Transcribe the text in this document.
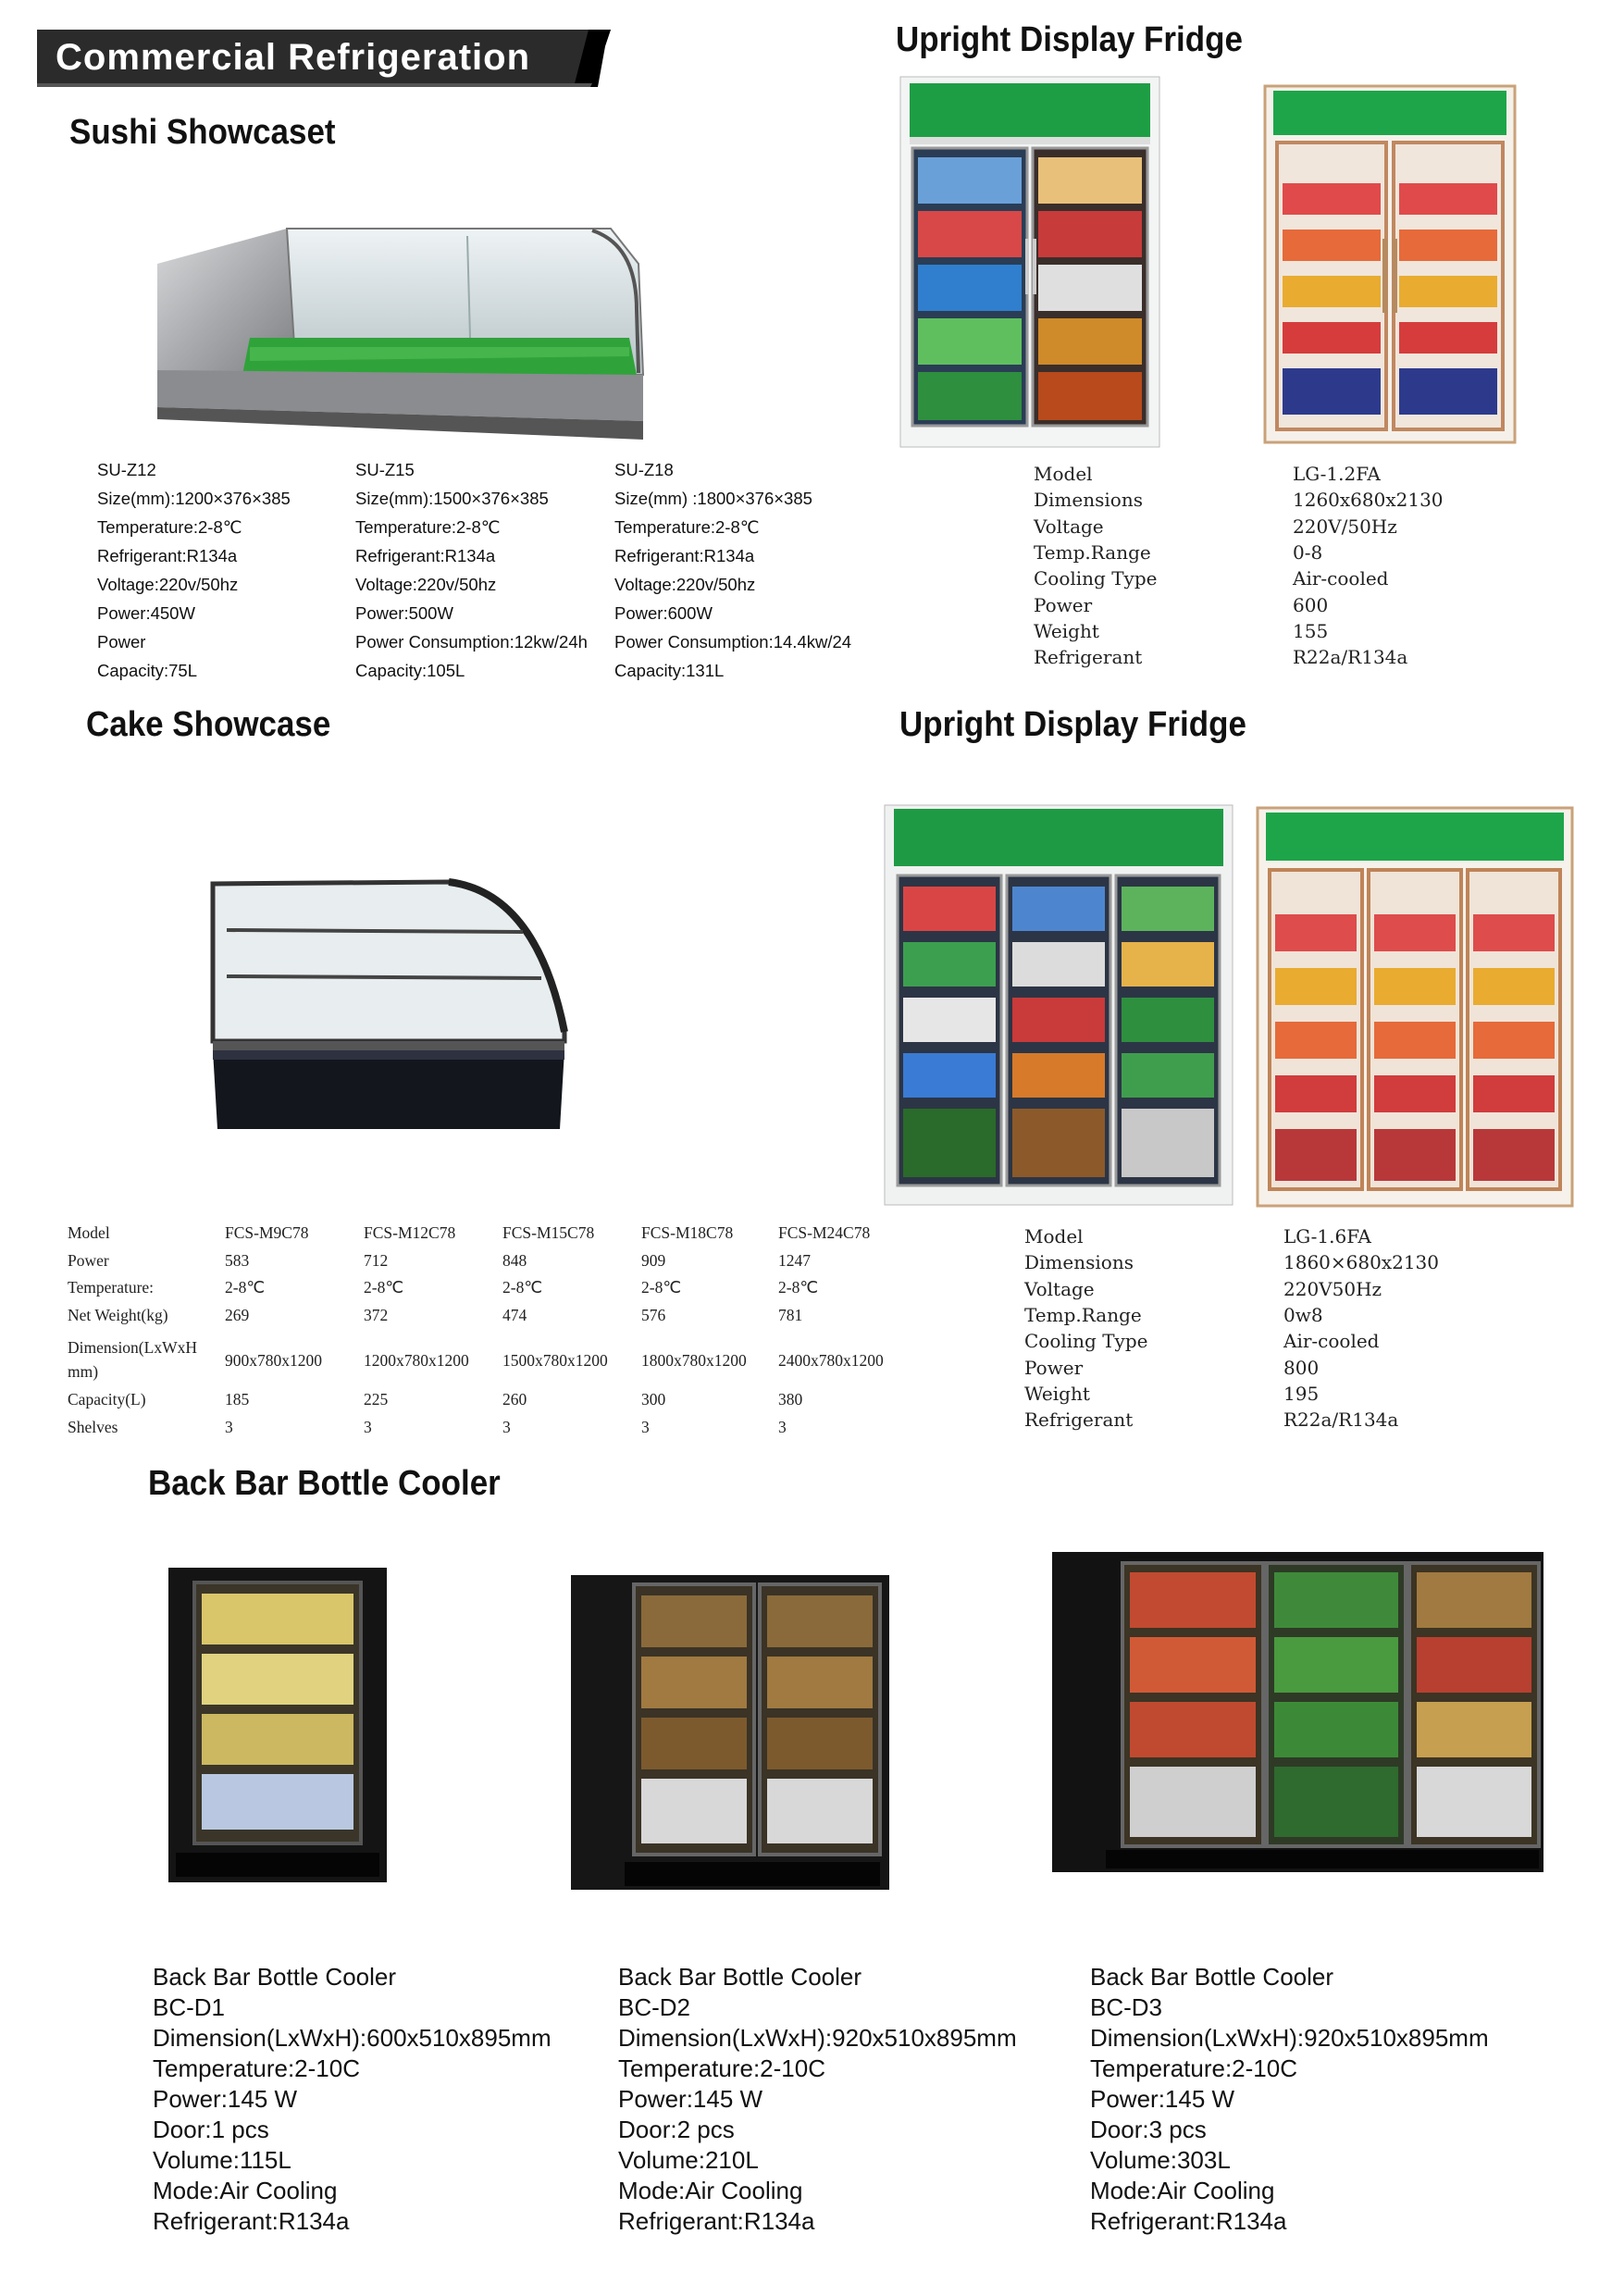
Commercial Refrigeration
Sushi Showcaset
SU-Z12
Size(mm):1200×376×385
Temperature:2-8℃
Refrigerant:R134a
Voltage:220v/50hz
Power:450W
Power
Capacity:75L
SU-Z15
Size(mm):1500×376×385
Temperature:2-8℃
Refrigerant:R134a
Voltage:220v/50hz
Power:500W
Power Consumption:12kw/24h
Capacity:105L
SU-Z18
Size(mm) :1800×376×385
Temperature:2-8℃
Refrigerant:R134a
Voltage:220v/50hz
Power:600W
Power Consumption:14.4kw/24
Capacity:131L
Upright Display Fridge
Model	LG-1.2FA
Dimensions	1260x680x2130
Voltage	220V/50Hz
Temp.Range	0-8
Cooling Type	Air-cooled
Power	600
Weight	155
Refrigerant	R22a/R134a
Cake Showcase
Model	FCS-M9C78	FCS-M12C78	FCS-M15C78	FCS-M18C78	FCS-M24C78
Power	583	712	848	909	1247
Temperature:	2-8℃	2-8℃	2-8℃	2-8℃	2-8℃
Net Weight(kg)	269	372	474	576	781
Dimension(LxWxH
mm)
900x780x1200	1200x780x1200 1500x780x1200 1800x780x1200 2400x780x1200
Capacity(L)	185	225	260	300	380
Shelves	3	3	3	3	3
Upright Display Fridge
Model	LG-1.6FA
Dimensions	1860×680x2130
Voltage	220V50Hz
Temp.Range	0w8
Cooling Type	Air-cooled
Power	800
Weight	195
Refrigerant	R22a/R134a
Back Bar Bottle Cooler
Back Bar Bottle Cooler
BC-D1
Dimension(LxWxH):600x510x895mm
Temperature:2-10C
Power:145 W
Door:1 pcs
Volume:115L
Mode:Air Cooling
Refrigerant:R134a
Back Bar Bottle Cooler
BC-D2
Dimension(LxWxH):920x510x895mm
Temperature:2-10C
Power:145 W
Door:2 pcs
Volume:210L
Mode:Air Cooling
Refrigerant:R134a
Back Bar Bottle Cooler
BC-D3
Dimension(LxWxH):920x510x895mm
Temperature:2-10C
Power:145 W
Door:3 pcs
Volume:303L
Mode:Air Cooling
Refrigerant:R134a
